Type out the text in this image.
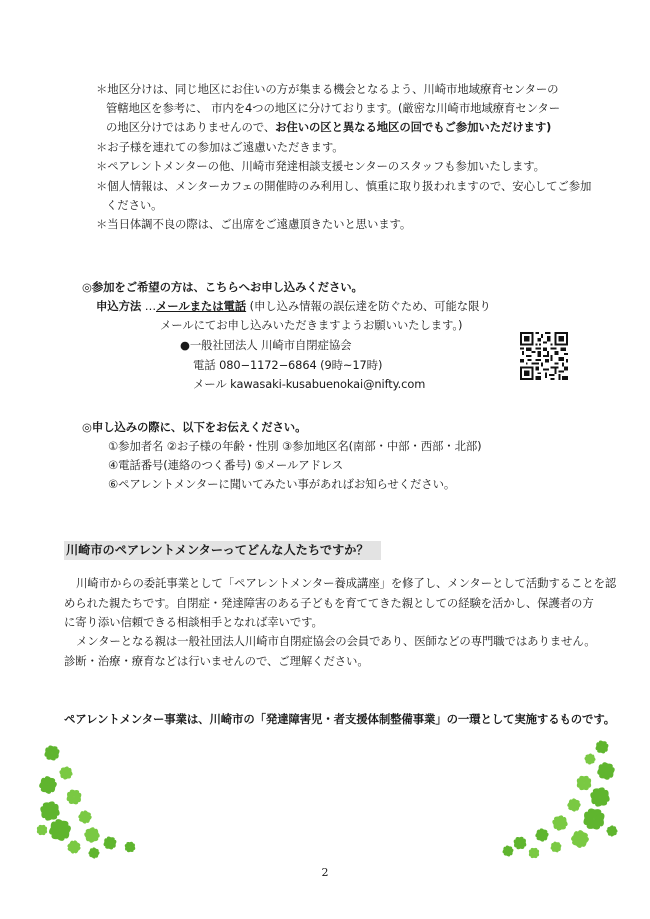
＊地区分けは、同じ地区にお住いの方が集まる機会となるよう、川崎市地域療育センターの
管轄地区を参考に、 市内を4つの地区に分けております。(厳密な川崎市地域療育センター
の地区分けではありませんので、お住いの区と異なる地区の回でもご参加いただけます)
＊お子様を連れての参加はご遠慮いただきます。
＊ペアレントメンターの他、川崎市発達相談支援センターのスタッフも参加いたします。
＊個人情報は、メンターカフェの開催時のみ利用し、慎重に取り扱われますので、安心してご参加
ください。
＊当日体調不良の際は、ご出席をご遠慮頂きたいと思います。
◎参加をご希望の方は、こちらへお申し込みください。
申込方法 …メールまたは電話 (申し込み情報の誤伝達を防ぐため、可能な限り
メールにてお申し込みいただきますようお願いいたします。)
●一般社団法人 川崎市自閉症協会
電話 080−1172−6864 (9時~17時)
メール kawasaki-kusabuenokai@nifty.com
◎申し込みの際に、以下をお伝えください。
①参加者名 ②お子様の年齢・性別 ③参加地区名(南部・中部・西部・北部)
④電話番号(連絡のつく番号) ⑤メールアドレス
⑥ペアレントメンターに聞いてみたい事があればお知らせください。
川崎市のペアレントメンターってどんな人たちですか？
川崎市からの委託事業として「ペアレントメンター養成講座」を修了し、メンターとして活動することを認
められた親たちです。自閉症・発達障害のある子どもを育ててきた親としての経験を活かし、保護者の方
に寄り添い信頼できる相談相手となれば幸いです。
メンターとなる親は一般社団法人川崎市自閉症協会の会員であり、医師などの専門職ではありません。
診断・治療・療育などは行いませんので、ご理解ください。
ペアレントメンター事業は、川崎市の「発達障害児・者支援体制整備事業」の一環として実施するものです。
2
